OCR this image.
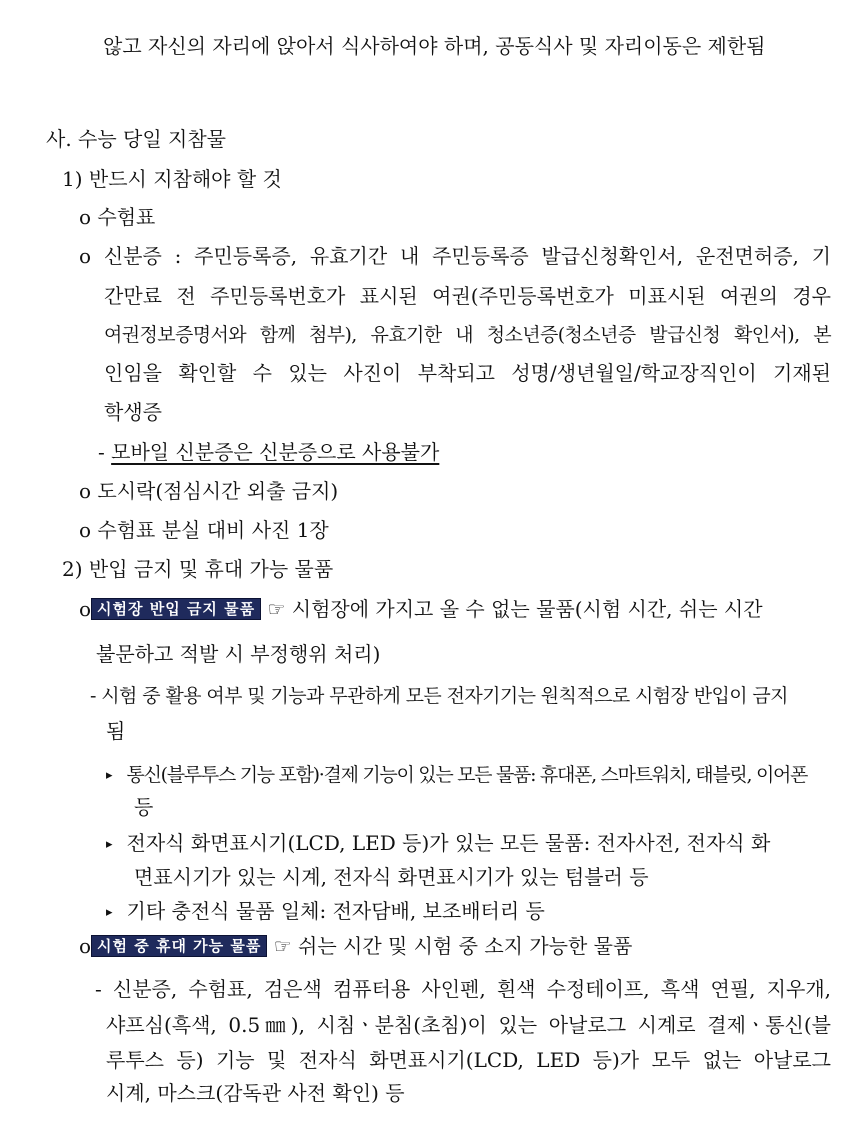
않고 자신의 자리에 앉아서 식사하여야 하며, 공동식사 및 자리이동은 제한됨
사. 수능 당일 지참물
1) 반드시 지참해야 할 것
o 수험표
o 신분증 : 주민등록증, 유효기간 내 주민등록증 발급신청확인서, 운전면허증, 기
간만료 전 주민등록번호가 표시된 여권(주민등록번호가 미표시된 여권의 경우
여권정보증명서와 함께 첨부), 유효기한 내 청소년증(청소년증 발급신청 확인서), 본
인임을 확인할 수 있는 사진이 부착되고 성명/생년월일/학교장직인이 기재된
학생증
- 모바일 신분증은 신분증으로 사용불가
o 도시락(점심시간 외출 금지)
o 수험표 분실 대비 사진 1장
2) 반입 금지 및 휴대 가능 물품
o 시험장 반입 금지 물품 ☞ 시험장에 가지고 올 수 없는 물품(시험 시간, 쉬는 시간
불문하고 적발 시 부정행위 처리)
- 시험 중 활용 여부 및 기능과 무관하게 모든 전자기기는 원칙적으로 시험장 반입이 금지
됨
▸ 통신(블루투스 기능 포함)·결제 기능이 있는 모든 물품: 휴대폰, 스마트워치, 태블릿, 이어폰
등
▸ 전자식 화면표시기(LCD, LED 등)가 있는 모든 물품: 전자사전, 전자식 화
면표시기가 있는 시계, 전자식 화면표시기가 있는 텀블러 등
▸ 기타 충전식 물품 일체: 전자담배, 보조배터리 등
o 시험 중 휴대 가능 물품 ☞ 쉬는 시간 및 시험 중 소지 가능한 물품
- 신분증, 수험표, 검은색 컴퓨터용 사인펜, 흰색 수정테이프, 흑색 연필, 지우개,
샤프심(흑색, 0.5㎜), 시침ㆍ분침(초침)이 있는 아날로그 시계로 결제ㆍ통신(블
루투스 등) 기능 및 전자식 화면표시기(LCD, LED 등)가 모두 없는 아날로그
시계, 마스크(감독관 사전 확인) 등
